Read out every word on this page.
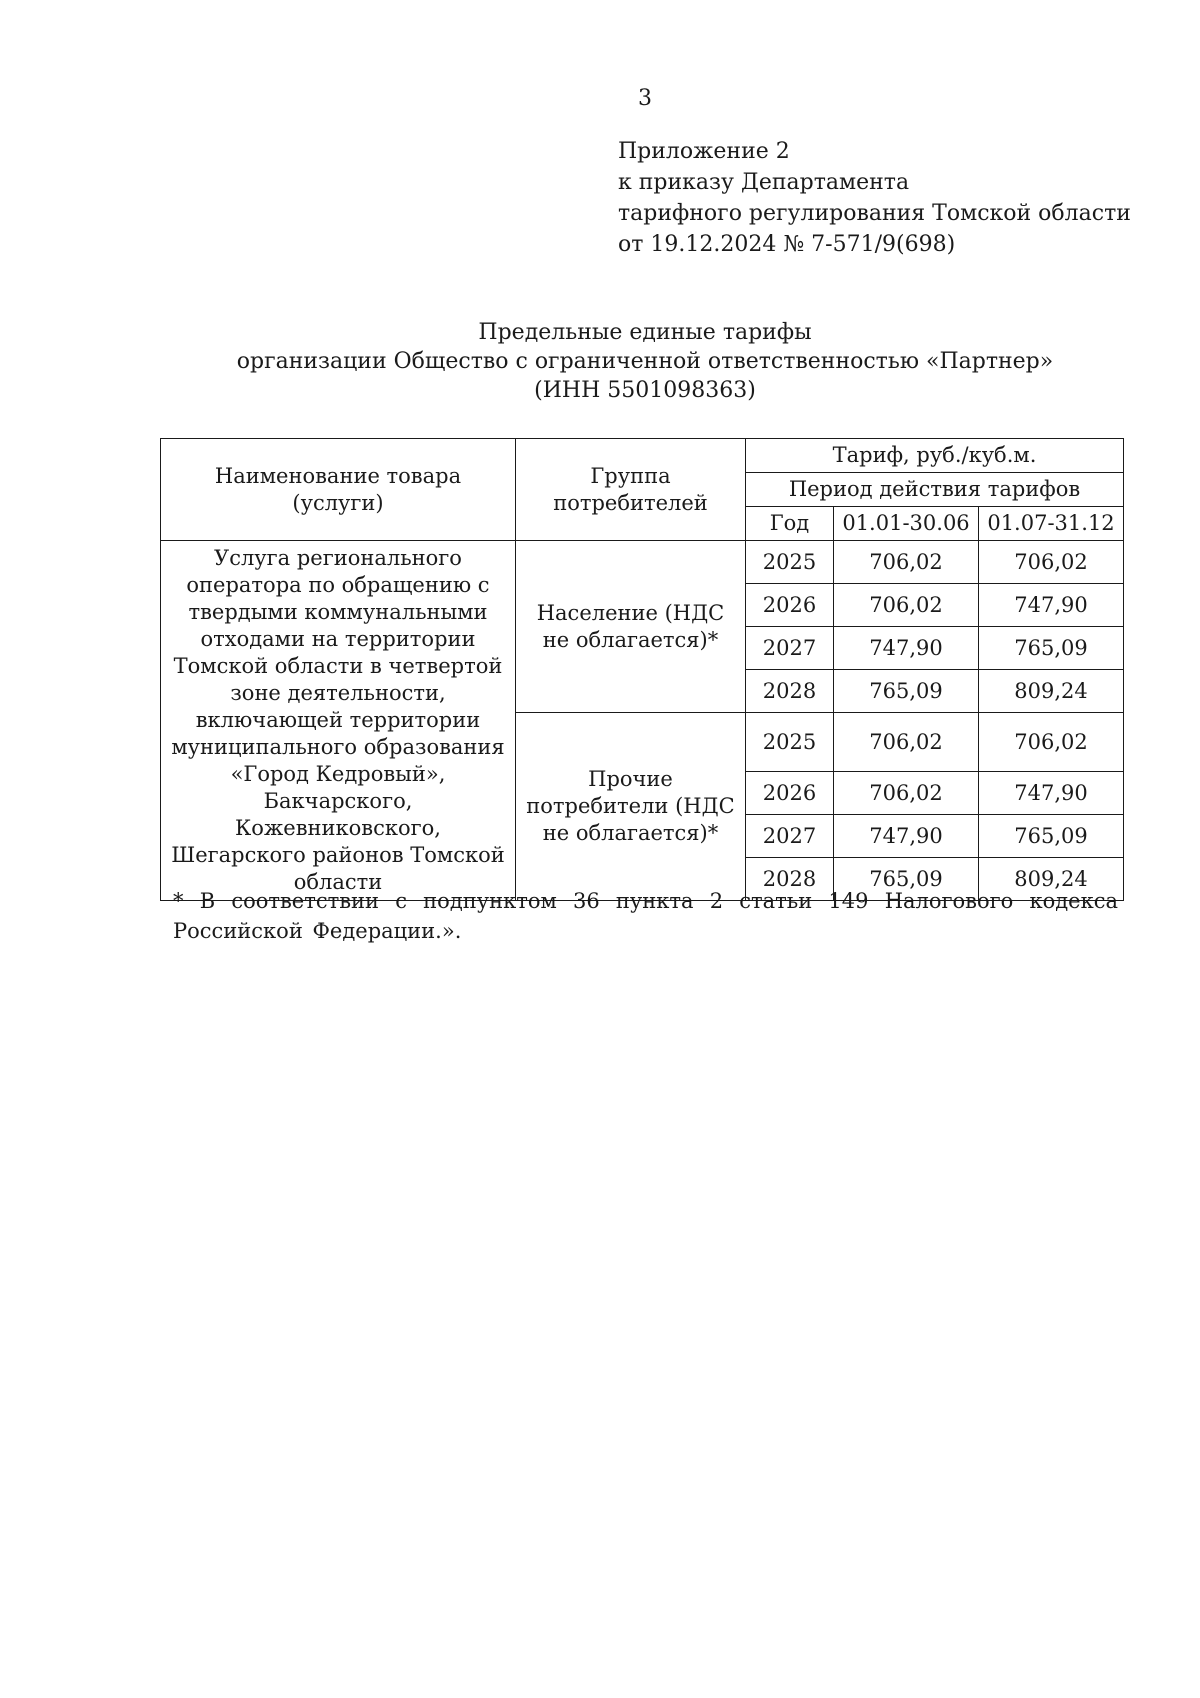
3
Приложение 2
к приказу Департамента
тарифного регулирования Томской области
от 19.12.2024 № 7-571/9(698)
Предельные единые тарифы
организации Общество с ограниченной ответственностью «Партнер»
(ИНН 5501098363)
Наименование товара (услуги)	Группа потребителей	Тариф, руб./куб.м.		
		Период действия тарифов		
		Год	01.01-30.06	01.07-31.12
Услуга регионального оператора по обращению с твердыми коммунальными отходами на территории Томской области в четвертой зоне деятельности, включающей территории муниципального образования «Город Кедровый», Бакчарского, Кожевниковского, Шегарского районов Томской области	Население (НДС не облагается)*	2025	706,02	706,02
		2026	706,02	747,90
		2027	747,90	765,09
		2028	765,09	809,24
	Прочие потребители (НДС не облагается)*	2025	706,02	706,02
		2026	706,02	747,90
		2027	747,90	765,09
		2028	765,09	809,24
* В соответствии с подпунктом 36 пункта 2 статьи 149 Налогового кодекса Российской Федерации.».
